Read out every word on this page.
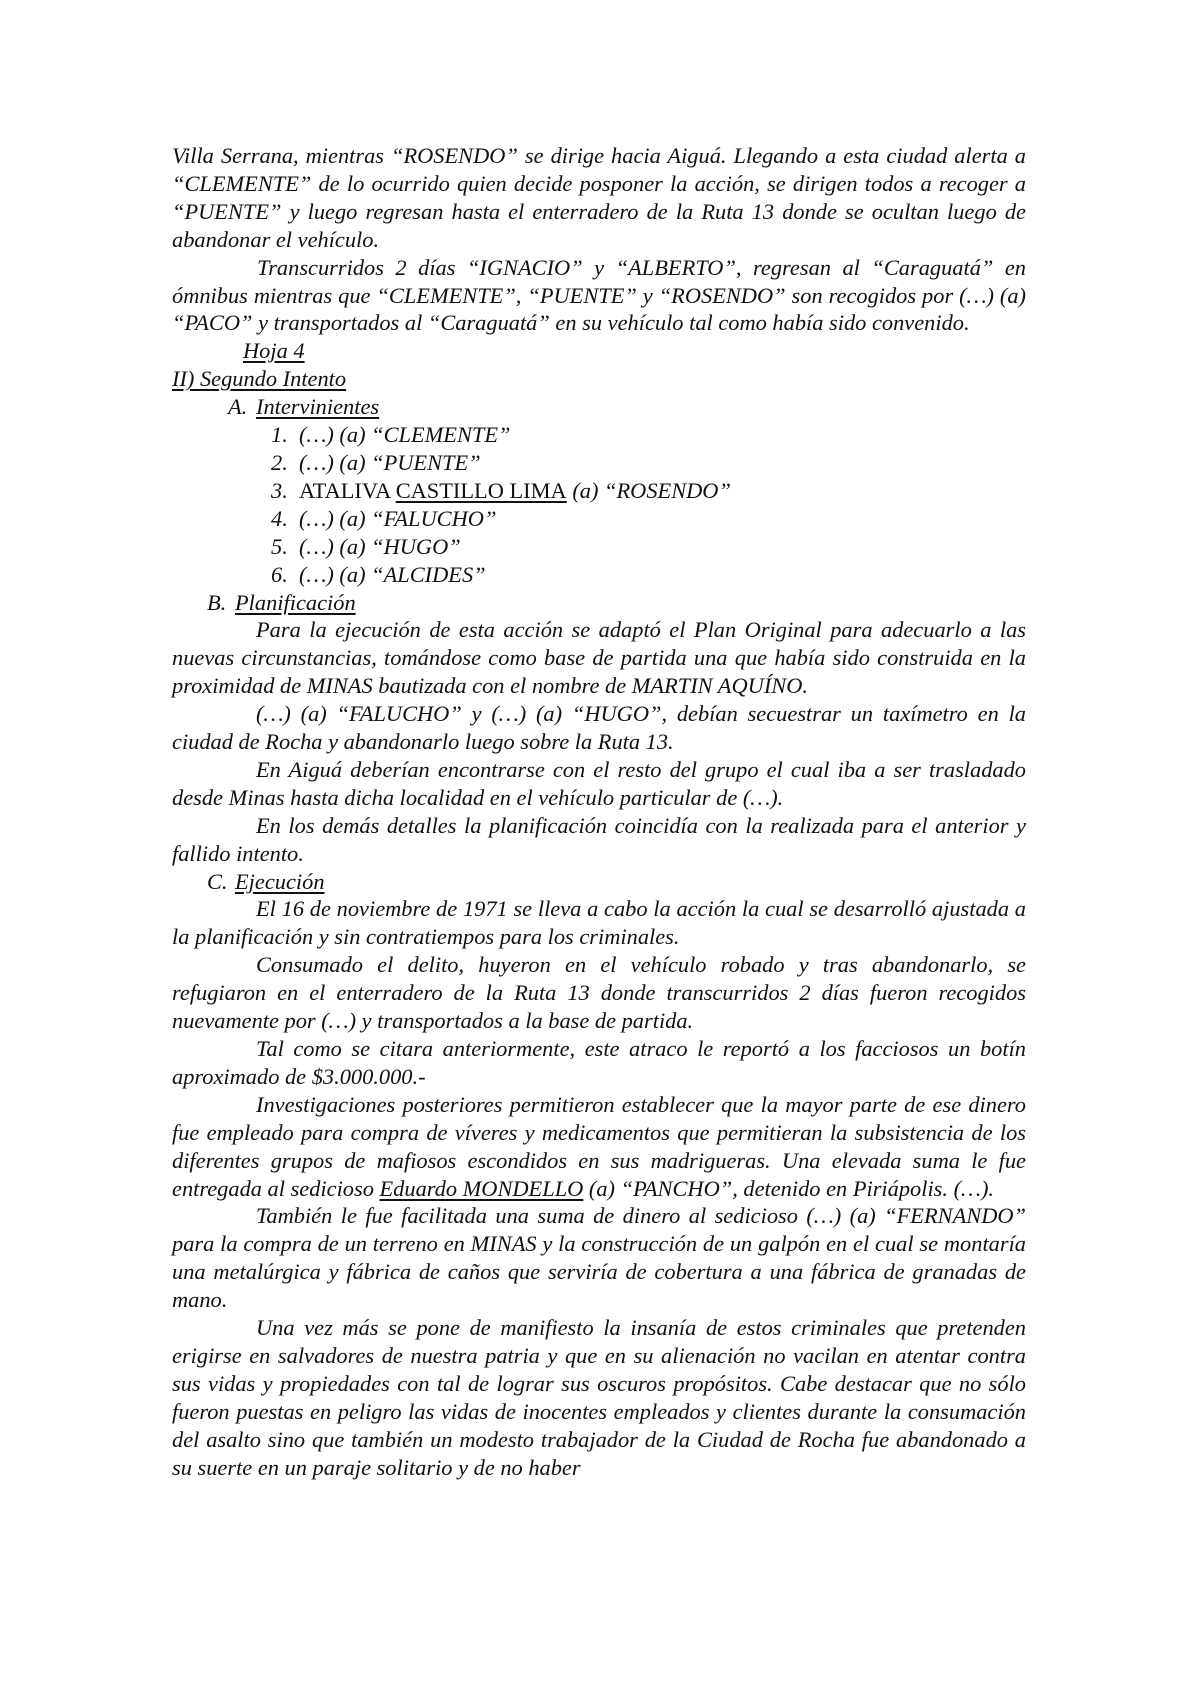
Villa Serrana, mientras “ROSENDO” se dirige hacia Aiguá. Llegando a esta ciudad alerta a “CLEMENTE” de lo ocurrido quien decide posponer la acción, se dirigen todos a recoger a “PUENTE” y luego regresan hasta el enterradero de la Ruta 13 donde se ocultan luego de abandonar el vehículo.

Transcurridos 2 días “IGNACIO” y “ALBERTO”, regresan al “Caraguatá” en ómnibus mientras que “CLEMENTE”, “PUENTE” y “ROSENDO” son recogidos por (…) (a) “PACO” y transportados al “Caraguatá” en su vehículo tal como había sido convenido.

Hoja 4

II) Segundo Intento

A. Intervinientes

1. (…) (a) “CLEMENTE”
2. (…) (a) “PUENTE”
3. ATALIVA CASTILLO LIMA (a) “ROSENDO”
4. (…) (a) “FALUCHO”
5. (…) (a) “HUGO”
6. (…) (a) “ALCIDES”

B. Planificación

Para la ejecución de esta acción se adaptó el Plan Original para adecuarlo a las nuevas circunstancias, tomándose como base de partida una que había sido construida en la proximidad de MINAS bautizada con el nombre de MARTIN AQUÍNO.

(…) (a) “FALUCHO” y (…) (a) “HUGO”, debían secuestrar un taxímetro en la ciudad de Rocha y abandonarlo luego sobre la Ruta 13.

En Aiguá deberían encontrarse con el resto del grupo el cual iba a ser trasladado desde Minas hasta dicha localidad en el vehículo particular de (…).

En los demás detalles la planificación coincidía con la realizada para el anterior y fallido intento.

C. Ejecución

El 16 de noviembre de 1971 se lleva a cabo la acción la cual se desarrolló ajustada a la planificación y sin contratiempos para los criminales.

Consumado el delito, huyeron en el vehículo robado y tras abandonarlo, se refugiaron en el enterradero de la Ruta 13 donde transcurridos 2 días fueron recogidos nuevamente por (…) y transportados a la base de partida.

Tal como se citara anteriormente, este atraco le reportó a los facciosos un botín aproximado de $3.000.000.-

Investigaciones posteriores permitieron establecer que la mayor parte de ese dinero fue empleado para compra de víveres y medicamentos que permitieran la subsistencia de los diferentes grupos de mafiosos escondidos en sus madrigueras. Una elevada suma le fue entregada al sedicioso Eduardo MONDELLO (a) “PANCHO”, detenido en Piriápolis. (…).

También le fue facilitada una suma de dinero al sedicioso (…) (a) “FERNANDO” para la compra de un terreno en MINAS y la construcción de un galpón en el cual se montaría una metalúrgica y fábrica de caños que serviría de cobertura a una fábrica de granadas de mano.

Una vez más se pone de manifiesto la insanía de estos criminales que pretenden erigirse en salvadores de nuestra patria y que en su alienación no vacilan en atentar contra sus vidas y propiedades con tal de lograr sus oscuros propósitos. Cabe destacar que no sólo fueron puestas en peligro las vidas de inocentes empleados y clientes durante la consumación del asalto sino que también un modesto trabajador de la Ciudad de Rocha fue abandonado a su suerte en un paraje solitario y de no haber
